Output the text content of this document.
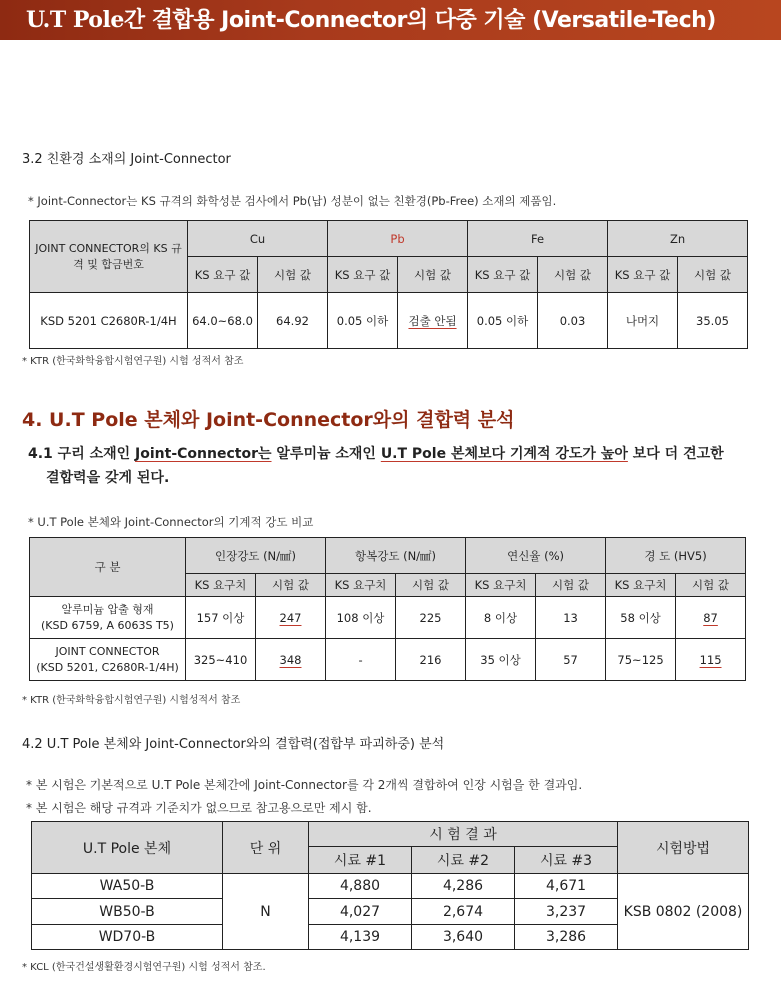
U.T Pole간 결합용 Joint-Connector의 다중 기술 (Versatile-Tech)
3.2 친환경 소재의 Joint-Connector
* Joint-Connector는 KS 규격의 화학성분 검사에서 Pb(납) 성분이 없는 친환경(Pb-Free) 소재의 제품임.
JOINT CONNECTOR의 KS 규격 및 합금번호	Cu		Pb		Fe		Zn	
	KS 요구 값	시험 값	KS 요구 값	시험 값	KS 요구 값	시험 값	KS 요구 값	시험 값
KSD 5201 C2680R-1/4H	64.0~68.0	64.92	0.05 이하	검출 안됨	0.05 이하	0.03	나머지	35.05
* KTR (한국화학융합시험연구원) 시험 성적서 참조
4. U.T Pole 본체와 Joint-Connector와의 결합력 분석
4.1 구리 소재인 Joint-Connector는 알루미늄 소재인 U.T Pole 본체보다 기계적 강도가 높아 보다 더 견고한
결합력을 갖게 된다.
* U.T Pole 본체와 Joint-Connector의 기계적 강도 비교
구 분	인장강도 (N/㎟)		항복강도 (N/㎟)		연신율 (%)		경 도 (HV5)	
	KS 요구치	시험 값	KS 요구치	시험 값	KS 요구치	시험 값	KS 요구치	시험 값
알루미늄 압출 형재
(KSD 6759, A 6063S T5)	157 이상	247	108 이상	225	8 이상	13	58 이상	87
JOINT CONNECTOR
(KSD 5201, C2680R-1/4H)	325~410	348	-	216	35 이상	57	75~125	115
* KTR (한국화학융합시험연구원) 시험성적서 참조
4.2 U.T Pole 본체와 Joint-Connector와의 결합력(접합부 파괴하중) 분석
* 본 시험은 기본적으로 U.T Pole 본체간에 Joint-Connector를 각 2개씩 결합하여 인장 시험을 한 결과임.
* 본 시험은 해당 규격과 기준치가 없으므로 참고용으로만 제시 함.
U.T Pole 본체	단 위	시 험 결 과			시험방법
		시료 #1	시료 #2	시료 #3	
WA50-B	N	4,880	4,286	4,671	KSB 0802 (2008)
WB50-B		4,027	2,674	3,237	
WD70-B		4,139	3,640	3,286	
* KCL (한국건설생활환경시험연구원) 시험 성적서 참조.
